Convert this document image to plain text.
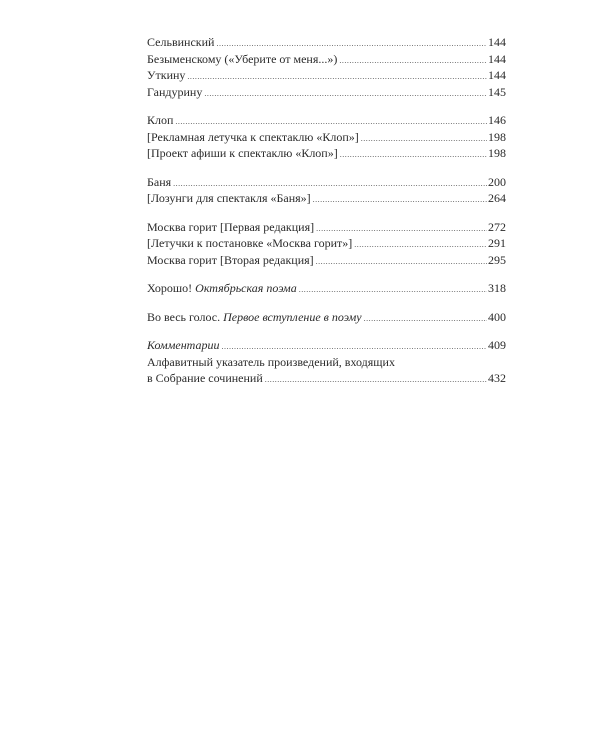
Сельвинский .....	144
Безыменскому («Уберите от меня...») .....	144
Уткину .....	144
Гандурину .....	145
Клоп .....	146
[Рекламная летучка к спектаклю «Клоп»] .....	198
[Проект афиши к спектаклю «Клоп»] .....	198
Баня .....	200
[Лозунги для спектакля «Баня»] .....	264
Москва горит [Первая редакция] .....	272
[Летучки к постановке «Москва горит»] .....	291
Москва горит [Вторая редакция] .....	295
Хорошо! Октябрьская поэма .....	318
Во весь голос. Первое вступление в поэму .....	400
Комментарии .....	409
Алфавитный указатель произведений, входящих
в Собрание сочинений .....	432
